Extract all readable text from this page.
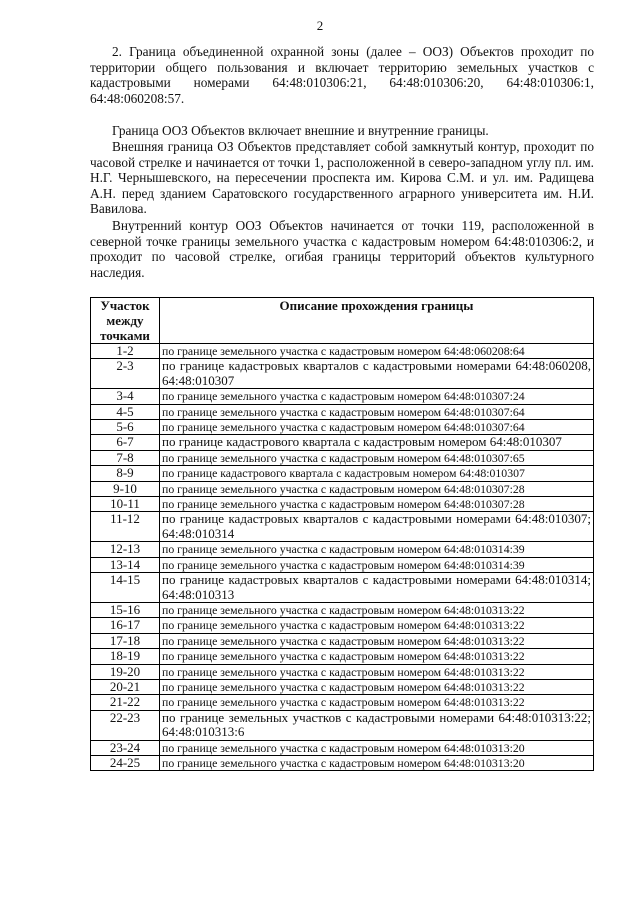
2

2. Граница объединенной охранной зоны (далее – ООЗ) Объектов проходит по территории общего пользования и включает территорию земельных участков с кадастровыми номерами 64:48:010306:21, 64:48:010306:20, 64:48:010306:1, 64:48:060208:57.

Граница ООЗ Объектов включает внешние и внутренние границы.

Внешняя граница ОЗ Объектов представляет собой замкнутый контур, проходит по часовой стрелке и начинается от точки 1, расположенной в северо-западном углу пл. им. Н.Г. Чернышевского, на пересечении проспекта им. Кирова С.М. и ул. им. Радищева А.Н. перед зданием Саратовского государственного аграрного университета им. Н.И. Вавилова.

Внутренний контур ООЗ Объектов начинается от точки 119, расположенной в северной точке границы земельного участка с кадастровым номером 64:48:010306:2, и проходит по часовой стрелке, огибая границы территорий объектов культурного наследия.

Участок между точками	Описание прохождения границы
1-2	по границе земельного участка с кадастровым номером 64:48:060208:64
2-3	по границе кадастровых кварталов с кадастровыми номерами 64:48:060208, 64:48:010307
3-4	по границе земельного участка с кадастровым номером 64:48:010307:24
4-5	по границе земельного участка с кадастровым номером 64:48:010307:64
5-6	по границе земельного участка с кадастровым номером 64:48:010307:64
6-7	по границе кадастрового квартала с кадастровым номером 64:48:010307
7-8	по границе земельного участка с кадастровым номером 64:48:010307:65
8-9	по границе кадастрового квартала с кадастровым номером 64:48:010307
9-10	по границе земельного участка с кадастровым номером 64:48:010307:28
10-11	по границе земельного участка с кадастровым номером 64:48:010307:28
11-12	по границе кадастровых кварталов с кадастровыми номерами 64:48:010307; 64:48:010314
12-13	по границе земельного участка с кадастровым номером 64:48:010314:39
13-14	по границе земельного участка с кадастровым номером 64:48:010314:39
14-15	по границе кадастровых кварталов с кадастровыми номерами 64:48:010314; 64:48:010313
15-16	по границе земельного участка с кадастровым номером 64:48:010313:22
16-17	по границе земельного участка с кадастровым номером 64:48:010313:22
17-18	по границе земельного участка с кадастровым номером 64:48:010313:22
18-19	по границе земельного участка с кадастровым номером 64:48:010313:22
19-20	по границе земельного участка с кадастровым номером 64:48:010313:22
20-21	по границе земельного участка с кадастровым номером 64:48:010313:22
21-22	по границе земельного участка с кадастровым номером 64:48:010313:22
22-23	по границе земельных участков с кадастровыми номерами 64:48:010313:22; 64:48:010313:6
23-24	по границе земельного участка с кадастровым номером 64:48:010313:20
24-25	по границе земельного участка с кадастровым номером 64:48:010313:20
